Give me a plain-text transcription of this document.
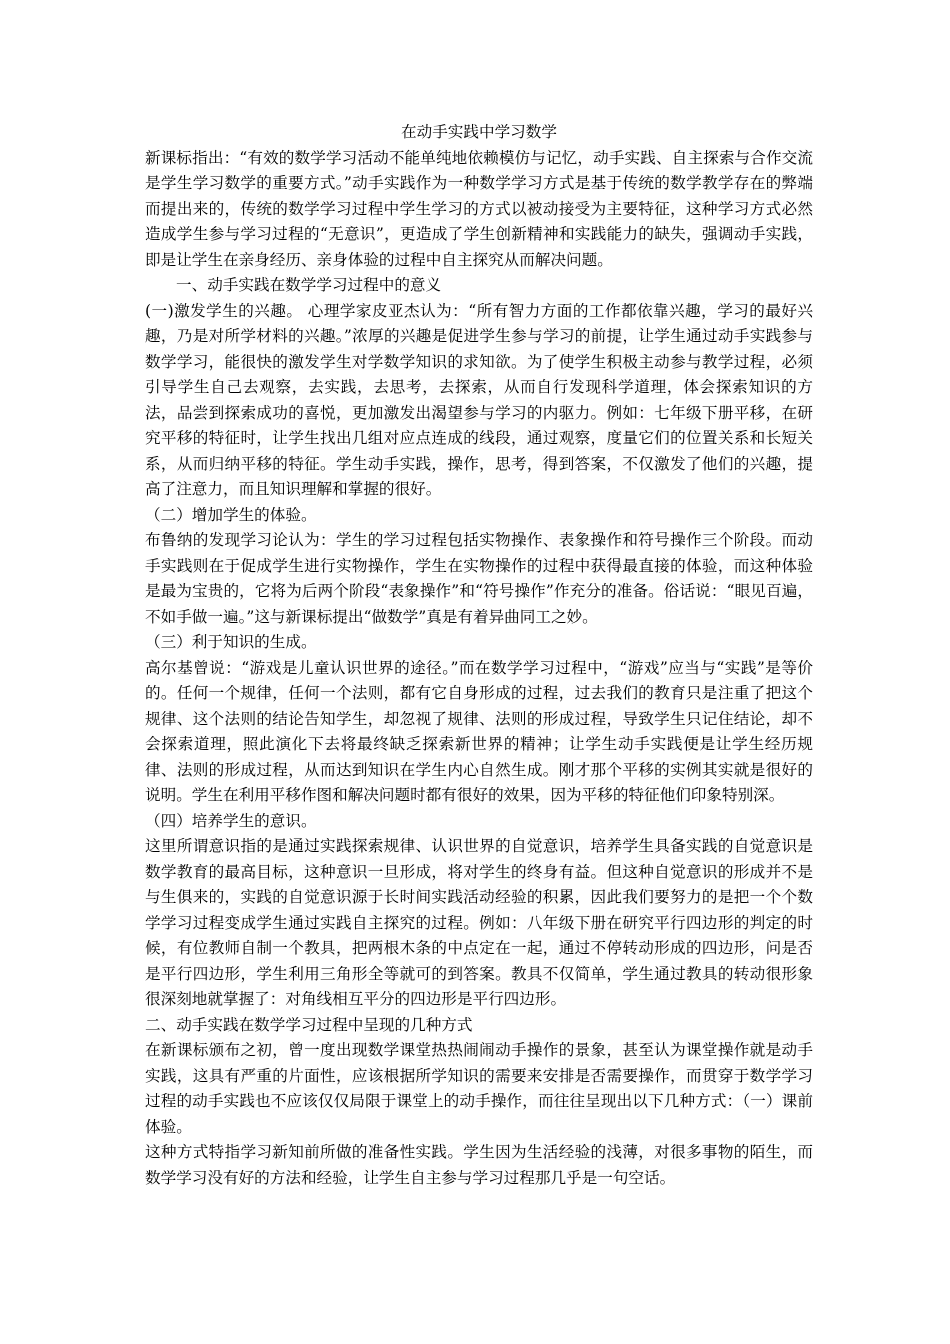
在动手实践中学习数学

新课标指出：“有效的数学学习活动不能单纯地依赖模仿与记忆，动手实践、自主探索与合作交流是学生学习数学的重要方式。”动手实践作为一种数学学习方式是基于传统的数学教学存在的弊端而提出来的，传统的数学学习过程中学生学习的方式以被动接受为主要特征，这种学习方式必然造成学生参与学习过程的“无意识”，更造成了学生创新精神和实践能力的缺失，强调动手实践，即是让学生在亲身经历、亲身体验的过程中自主探究从而解决问题。

一、动手实践在数学学习过程中的意义

(一)激发学生的兴趣。 心理学家皮亚杰认为：“所有智力方面的工作都依靠兴趣，学习的最好兴趣，乃是对所学材料的兴趣。”浓厚的兴趣是促进学生参与学习的前提，让学生通过动手实践参与数学学习，能很快的激发学生对学数学知识的求知欲。为了使学生积极主动参与教学过程，必须引导学生自己去观察，去实践，去思考，去探索，从而自行发现科学道理，体会探索知识的方法，品尝到探索成功的喜悦，更加激发出渴望参与学习的内驱力。例如：七年级下册平移，在研究平移的特征时，让学生找出几组对应点连成的线段，通过观察，度量它们的位置关系和长短关系，从而归纳平移的特征。学生动手实践，操作，思考，得到答案，不仅激发了他们的兴趣，提高了注意力，而且知识理解和掌握的很好。

（二）增加学生的体验。

布鲁纳的发现学习论认为：学生的学习过程包括实物操作、表象操作和符号操作三个阶段。而动手实践则在于促成学生进行实物操作，学生在实物操作的过程中获得最直接的体验，而这种体验是最为宝贵的，它将为后两个阶段“表象操作”和“符号操作”作充分的准备。俗话说：“眼见百遍，不如手做一遍。”这与新课标提出“做数学”真是有着异曲同工之妙。

（三）利于知识的生成。

高尔基曾说：“游戏是儿童认识世界的途径。”而在数学学习过程中，“游戏”应当与“实践”是等价的。任何一个规律，任何一个法则，都有它自身形成的过程，过去我们的教育只是注重了把这个规律、这个法则的结论告知学生，却忽视了规律、法则的形成过程，导致学生只记住结论，却不会探索道理，照此演化下去将最终缺乏探索新世界的精神；让学生动手实践便是让学生经历规律、法则的形成过程，从而达到知识在学生内心自然生成。刚才那个平移的实例其实就是很好的说明。学生在利用平移作图和解决问题时都有很好的效果，因为平移的特征他们印象特别深。

（四）培养学生的意识。

这里所谓意识指的是通过实践探索规律、认识世界的自觉意识，培养学生具备实践的自觉意识是数学教育的最高目标，这种意识一旦形成，将对学生的终身有益。但这种自觉意识的形成并不是与生俱来的，实践的自觉意识源于长时间实践活动经验的积累，因此我们要努力的是把一个个数学学习过程变成学生通过实践自主探究的过程。例如：八年级下册在研究平行四边形的判定的时候，有位教师自制一个教具，把两根木条的中点定在一起，通过不停转动形成的四边形，问是否是平行四边形，学生利用三角形全等就可的到答案。教具不仅简单，学生通过教具的转动很形象很深刻地就掌握了：对角线相互平分的四边形是平行四边形。

二、动手实践在数学学习过程中呈现的几种方式

在新课标颁布之初，曾一度出现数学课堂热热闹闹动手操作的景象，甚至认为课堂操作就是动手实践，这具有严重的片面性，应该根据所学知识的需要来安排是否需要操作，而贯穿于数学学习过程的动手实践也不应该仅仅局限于课堂上的动手操作，而往往呈现出以下几种方式：（一）课前体验。

这种方式特指学习新知前所做的准备性实践。学生因为生活经验的浅薄，对很多事物的陌生，而数学学习没有好的方法和经验，让学生自主参与学习过程那几乎是一句空话。
